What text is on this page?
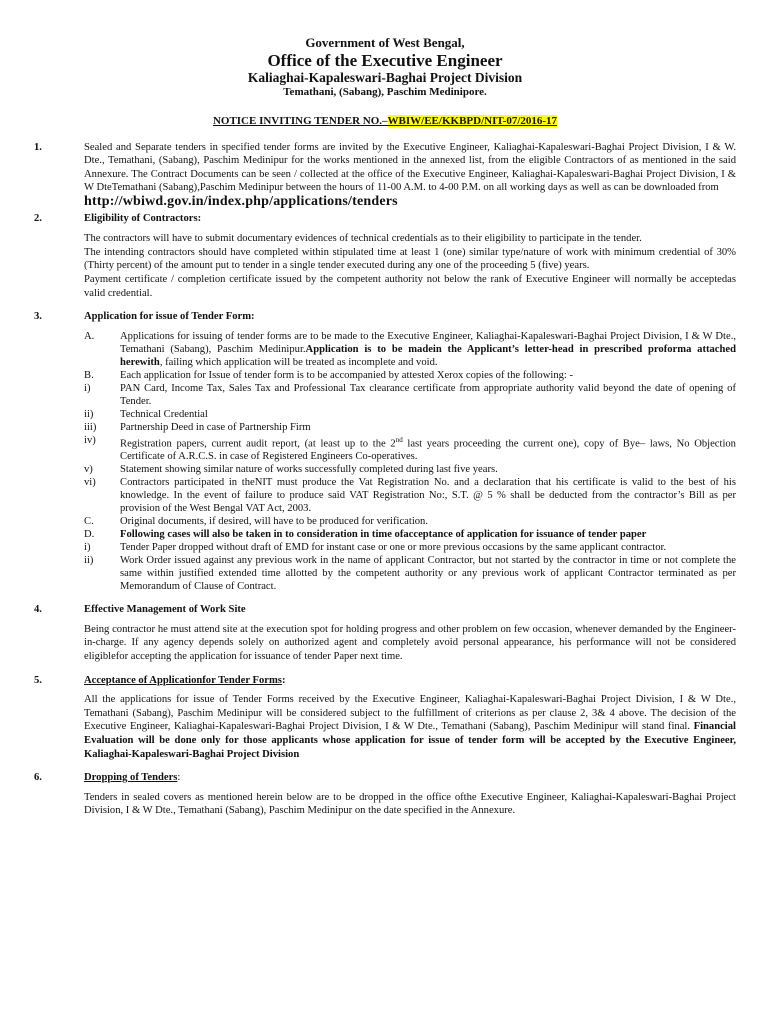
Government of West Bengal,
Office of the Executive Engineer
Kaliaghai-Kapaleswari-Baghai Project Division
Temathani, (Sabang), Paschim Medinipore.
NOTICE INVITING TENDER NO.–WBIW/EE/KKBPD/NIT-07/2016-17
1.	Sealed and Separate tenders in specified tender forms are invited by the Executive Engineer, Kaliaghai-Kapaleswari-Baghai Project Division, I & W. Dte., Temathani, (Sabang), Paschim Medinipur for the works mentioned in the annexed list, from the eligible Contractors of as mentioned in the said Annexure. The Contract Documents can be seen / collected at the office of the Executive Engineer, Kaliaghai-Kapaleswari-Baghai Project Division, I & W DteTemathani (Sabang),Paschim Medinipur between the hours of 11-00 A.M. to 4-00 P.M. on all working days as well as can be downloaded from

http://wbiwd.gov.in/index.php/applications/tenders
2.	Eligibility of Contractors:

The contractors will have to submit documentary evidences of technical credentials as to their eligibility to participate in the tender.

The intending contractors should have completed within stipulated time at least 1 (one) similar type/nature of work with minimum credential of 30% (Thirty percent) of the amount put to tender in a single tender executed during any one of the proceeding 5 (five) years.

Payment certificate / completion certificate issued by the competent authority not below the rank of Executive Engineer will normally be acceptedas valid credential.

3.	Application for issue of Tender Form:

A. Applications for issuing of tender forms are to be made to the Executive Engineer, Kaliaghai-Kapaleswari-Baghai Project Division, I & W Dte., Temathani (Sabang), Paschim Medinipur.Application is to be madein the Applicant’s letter-head in prescribed proforma attached herewith, failing which application will be treated as incomplete and void.
B. Each application for Issue of tender form is to be accompanied by attested Xerox copies of the following: -
i)	PAN Card, Income Tax, Sales Tax and Professional Tax clearance certificate from appropriate authority valid beyond the date of opening of Tender.
ii)	Technical Credential
iii) Partnership Deed in case of Partnership Firm
iv) Registration papers, current audit report, (at least up to the 2nd last years proceeding the current one), copy of Bye– laws, No Objection Certificate of A.R.C.S. in case of Registered Engineers Co-operatives.
v)	Statement showing similar nature of works successfully completed during last five years.
vi) Contractors participated in theNIT must produce the Vat Registration No. and a declaration that his certificate is valid to the best of his knowledge. In the event of failure to produce said VAT Registration No:, S.T. @ 5 % shall be deducted from the contractor’s Bill as per provision of the West Bengal VAT Act, 2003.
C. Original documents, if desired, will have to be produced for verification.
D. Following cases will also be taken in to consideration in time ofacceptance of application for issuance of tender paper
i)	Tender Paper dropped without draft of EMD for instant case or one or more previous occasions by the same applicant contractor.
ii)	Work Order issued against any previous work in the name of applicant Contractor, but not started by the contractor in time or not complete the same within justified extended time allotted by the competent authority or any previous work of applicant Contractor terminated as per Memorandum of Clause of Contract.
4.	Effective Management of Work Site

Being contractor he must attend site at the execution spot for holding progress and other problem on few occasion, whenever demanded by the Engineer-in-charge. If any agency depends solely on authorized agent and completely avoid personal appearance, his performance will not be considered eligiblefor accepting the application for issuance of tender Paper next time.

5.	Acceptance of Applicationfor Tender Forms:

All the applications for issue of Tender Forms received by the Executive Engineer, Kaliaghai-Kapaleswari-Baghai Project Division, I & W Dte., Temathani (Sabang), Paschim Medinipur will be considered subject to the fulfillment of criterions as per clause 2, 3& 4 above. The decision of the Executive Engineer, Kaliaghai-Kapaleswari-Baghai Project Division, I & W Dte., Temathani (Sabang), Paschim Medinipur will stand final. Financial Evaluation will be done only for those applicants whose application for issue of tender form will be accepted by the Executive Engineer, Kaliaghai-Kapaleswari-Baghai Project Division

6.	Dropping of Tenders:

Tenders in sealed covers as mentioned herein below are to be dropped in the office ofthe Executive Engineer, Kaliaghai-Kapaleswari-Baghai Project Division, I & W Dte., Temathani (Sabang), Paschim Medinipur on the date specified in the Annexure.
